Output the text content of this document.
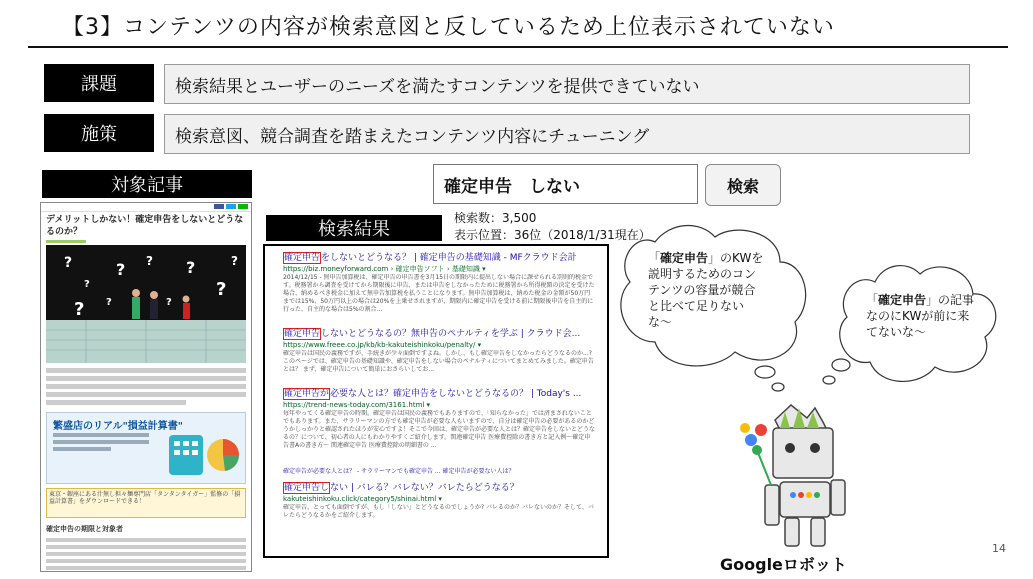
【3】コンテンツの内容が検索意図と反しているため上位表示されていない
課題	検索結果とユーザーのニーズを満たすコンテンツを提供できていない
施策	検索意図、競合調査を踏まえたコンテンツ内容にチューニング
対象記事
デメリットしかない！確定申告をしないとどうなるのか？
?
?
?
? ? ?
?
?
?
?
繁盛店のリアル"損益計算書"
東京・銀座にある汁無し担々麺専門店「タンタンタイガー」監修の「損益計算書」をダウンロードできる！
確定申告の期限と対象者
確定申告　しない	検索
検索結果
検索数：3,500
表示位置：36位（2018/1/31現在）
確定申告をしないとどうなる？ | 確定申告の基礎知識 - MFクラウド会計
https://biz.moneyforward.com › 確定申告ソフト › 基礎知識 ▾
2014/12/15 - 無申告加算税は、確定申告の申告書を3月15日の期限内に提出しない場合に課せられる罰則的税金です。税務署から調査を受けてから期限後に申告、または申告をしなかったために税務署から所得税額の決定を受けた場合、納めるべき税金に加えて無申告加算税を払うことになります。無申告加算税は、納めた税金の金額が50万円までは15%、50万円以上の場合は20%を上乗せされますが、期限内に確定申告を受ける前に期限後申告を自主的に行った、自主的な場合は5%の割合…
確定申告しないとどうなるの？無申告のペナルティを学ぶ | クラウド会...
https://www.freee.co.jp/kb/kb-kakuteishinkoku/penalty/ ▾
確定申告は国民の義務ですが、手続きが少々面倒ですよね。しかし、もし確定申告をしなかったらどうなるのか...? このページでは、確定申告の基礎知識や、確定申告をしない場合のペナルティについてまとめてみました。確定申告とは？ まず、確定申告について簡単におさらいしてお...
確定申告が必要な人とは？確定申告をしないとどうなるの？ | Today's ...
https://trend-news-today.com/3161.html ▾
毎年やってくる確定申告の時期。確定申告は国民の義務でもありますので、「知らなかった」では済まされないことでもあります。また、サラリーマンの方でも確定申告が必要な人もいますので、自分は確定申告の必要があるのかどうかしっかりと確認されたほうが安心ですよ！そこで今回は、確定申告が必要な人とは？確定申告をしないとどうなるの？について、初心者の人にもわかりやすくご紹介します。関連確定申告 医療費控除の書き方と記入例〜確定申告書Aの書き方〜 関連確定申告 医療費控除の明細書の ...
確定申告が必要な人とは？ - サラリーマンでも確定申告 ... 確定申告が必要ない人は？
確定申告しない | バレる？バレない？バレたらどうなる？
kakuteishinkoku.click/category5/shinai.html ▾
確定申告、とっても面倒ですが、もし「しない」とどうなるのでしょうか? バレるのか？バレないのか？そして、バレたらどうなるかをご紹介します。
「確定申告」のKWを説明するためのコンテンツの容量が競合と比べて足りないな〜
「確定申告」の記事なのにKWが前に来てないな〜
Googleロボット
14
